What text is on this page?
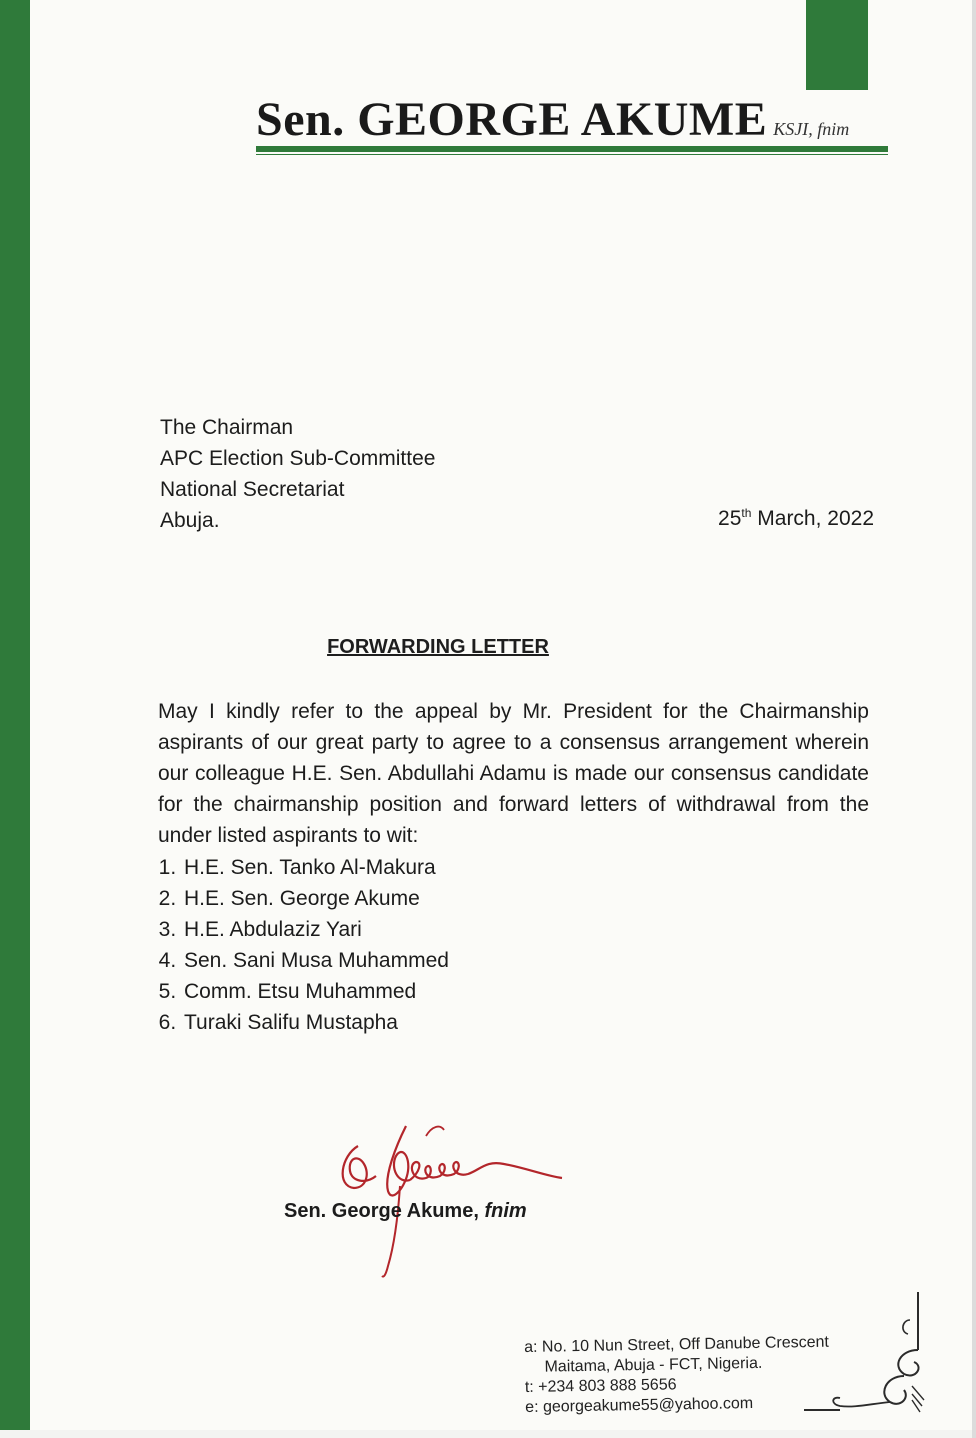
Sen. GEORGE AKUME KSJI, fnim
The Chairman
APC Election Sub-Committee
National Secretariat
Abuja.	25th March, 2022
FORWARDING LETTER
May I kindly refer to the appeal by Mr. President for the Chairmanship aspirants of our great party to agree to a consensus arrangement wherein our colleague H.E. Sen. Abdullahi Adamu is made our consensus candidate for the chairmanship position and forward letters of withdrawal from the under listed aspirants to wit:
1. H.E. Sen. Tanko Al-Makura
2. H.E. Sen. George Akume
3. H.E. Abdulaziz Yari
4. Sen. Sani Musa Muhammed
5. Comm. Etsu Muhammed
6. Turaki Salifu Mustapha
Sen. George Akume, fnim
a: No. 10 Nun Street, Off Danube Crescent
Maitama, Abuja - FCT, Nigeria.
t: +234 803 888 5656
e: georgeakume55@yahoo.com
